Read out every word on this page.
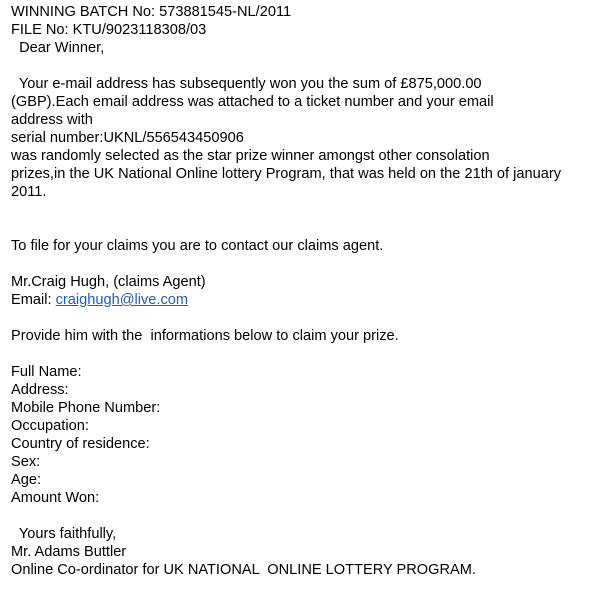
WINNING BATCH No: 573881545-NL/2011
FILE No: KTU/9023118308/03
Dear Winner,
Your e-mail address has subsequently won you the sum of £875,000.00
(GBP).Each email address was attached to a ticket number and your email
address with
serial number:UKNL/556543450906
was randomly selected as the star prize winner amongst other consolation
prizes,in the UK National Online lottery Program, that was held on the 21th of january
2011.
To file for your claims you are to contact our claims agent.
Mr.Craig Hugh, (claims Agent)
Email: craighugh@live.com
Provide him with the  informations below to claim your prize.
Full Name:
Address:
Mobile Phone Number:
Occupation:
Country of residence:
Sex:
Age:
Amount Won:
Yours faithfully,
Mr. Adams Buttler
Online Co-ordinator for UK NATIONAL  ONLINE LOTTERY PROGRAM.
